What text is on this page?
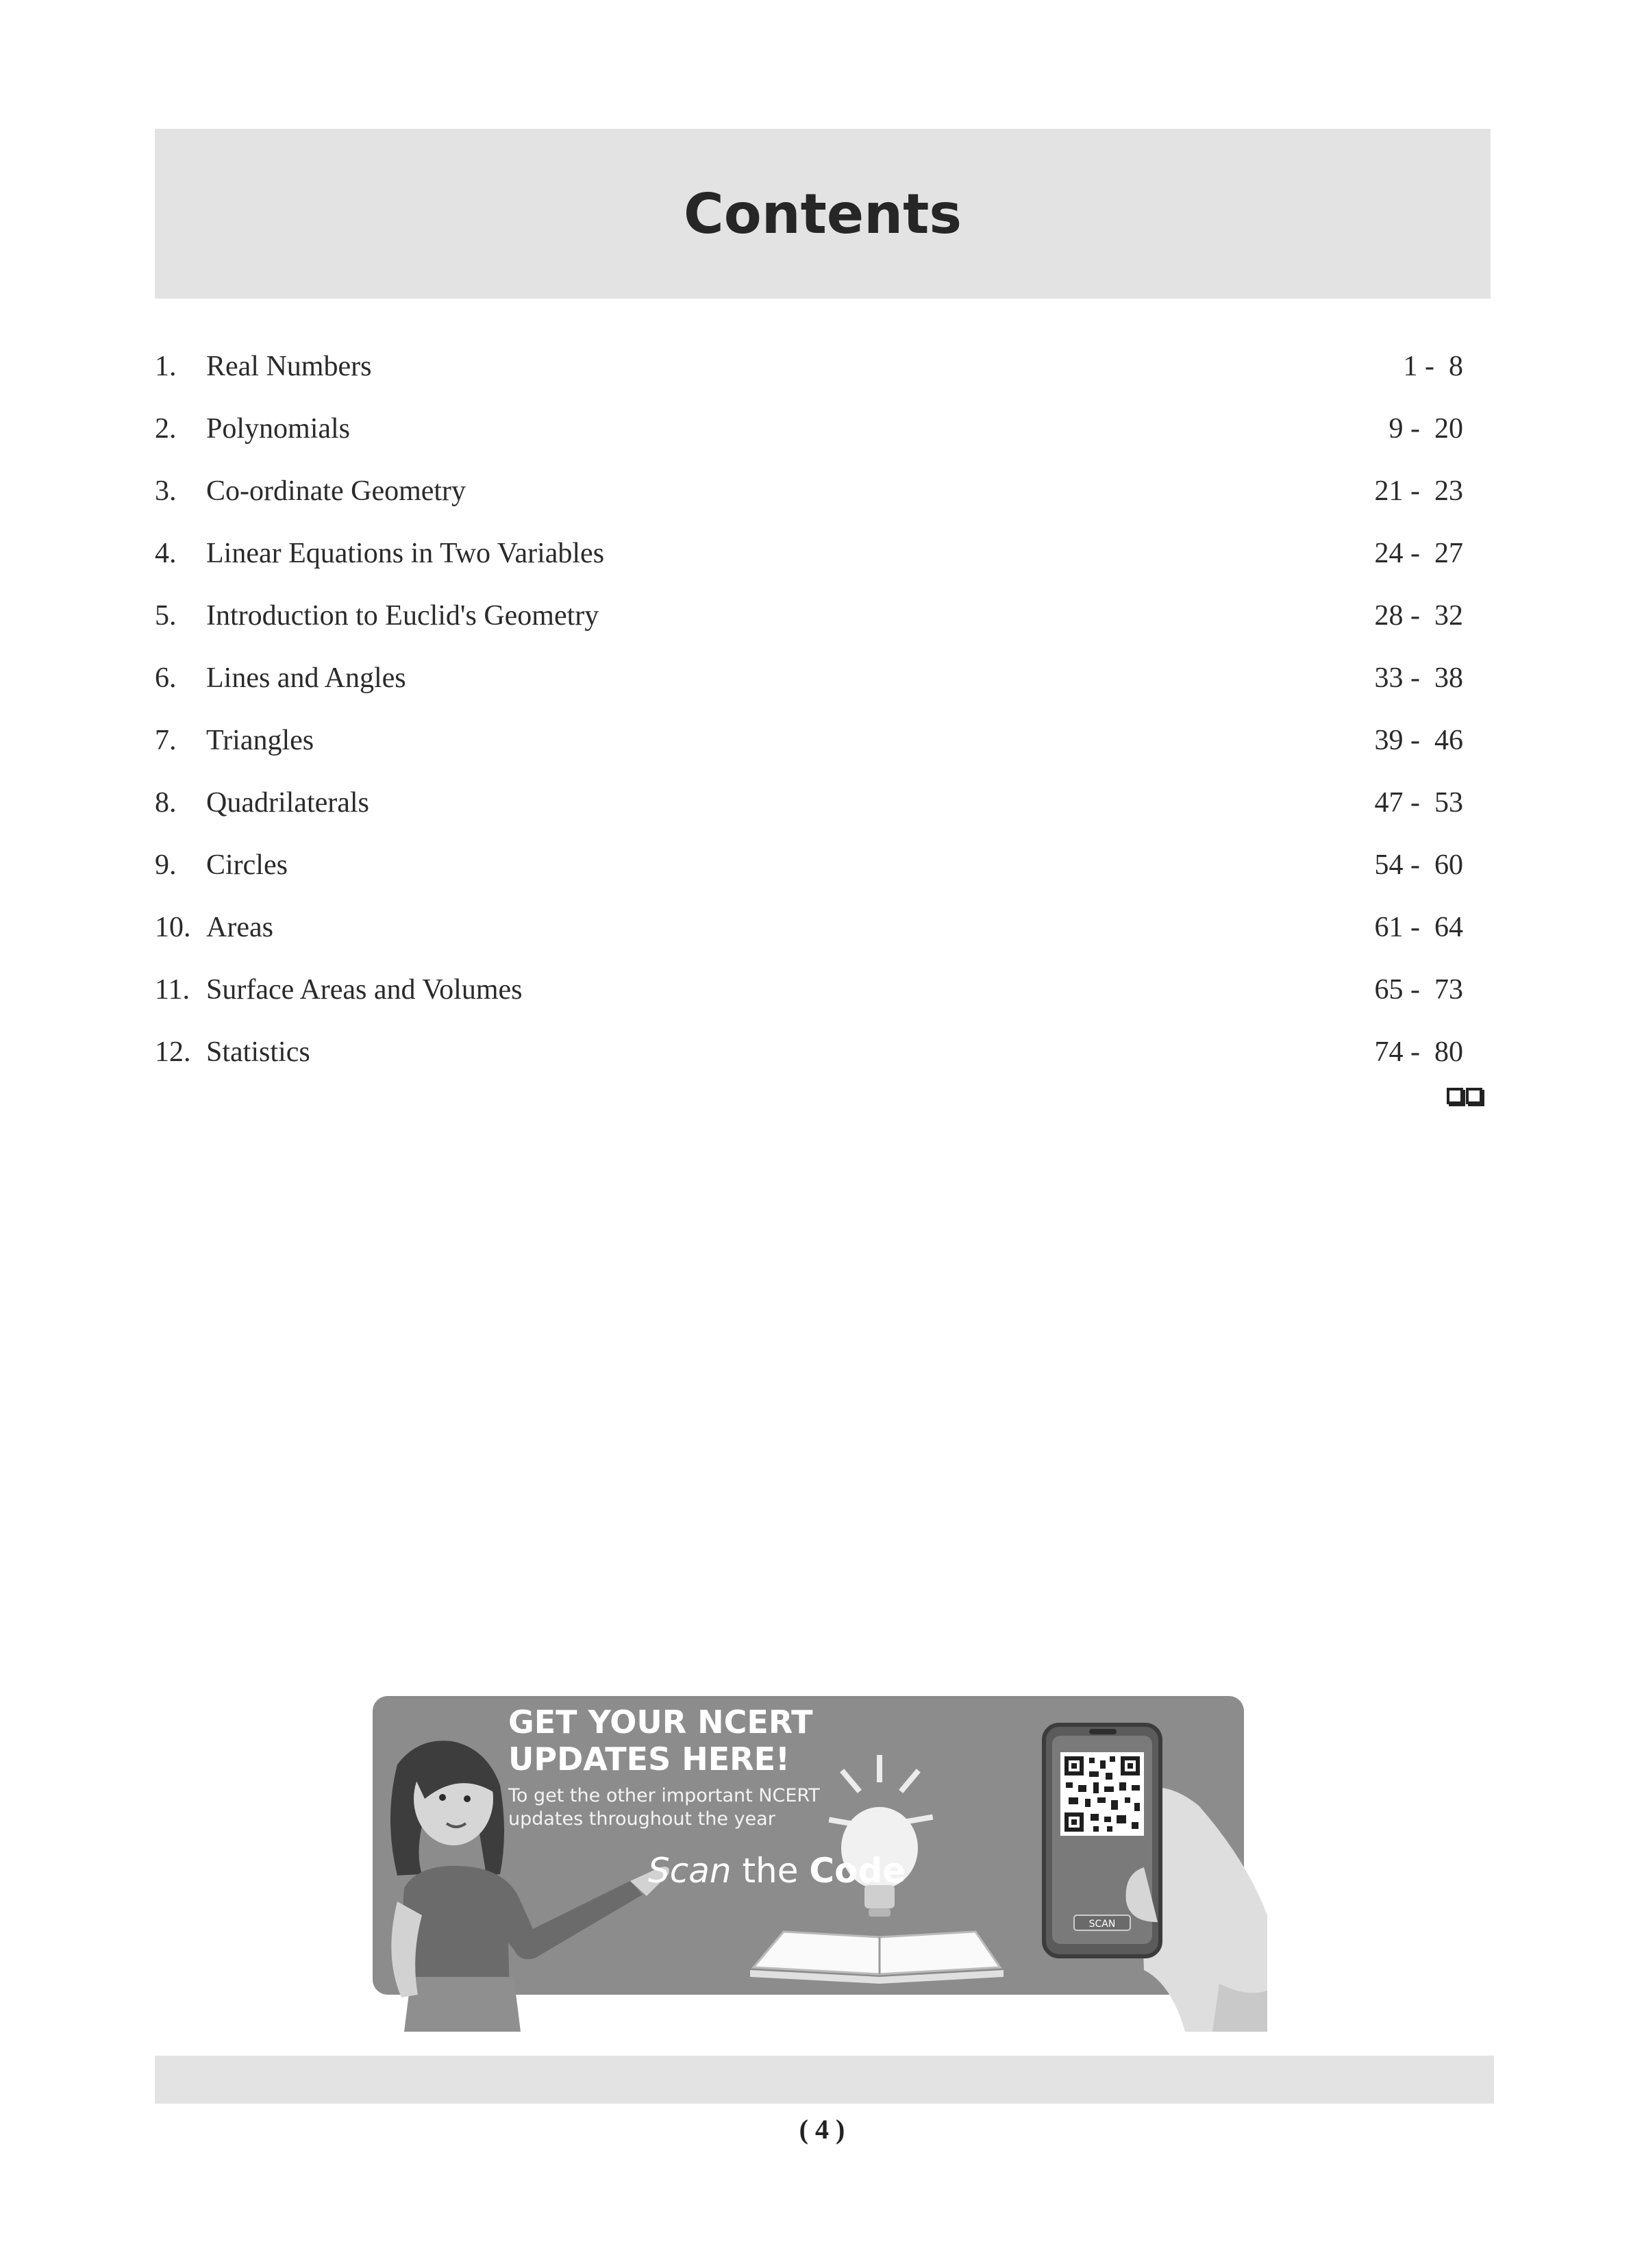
Contents
1. Real Numbers	1 -  8
2. Polynomials	9 -  20
3. Co-ordinate Geometry	21 -  23
4. Linear Equations in Two Variables	24 -  27
5. Introduction to Euclid's Geometry	28 -  32
6. Lines and Angles	33 -  38
7. Triangles	39 -  46
8. Quadrilaterals	47 -  53
9. Circles	54 -  60
10. Areas	61 -  64
11. Surface Areas and Volumes	65 -  73
12. Statistics	74 -  80
SCAN
GET YOUR NCERT
UPDATES HERE!
To get the other important NCERT updates throughout the year
Scan the Code
( 4 )
